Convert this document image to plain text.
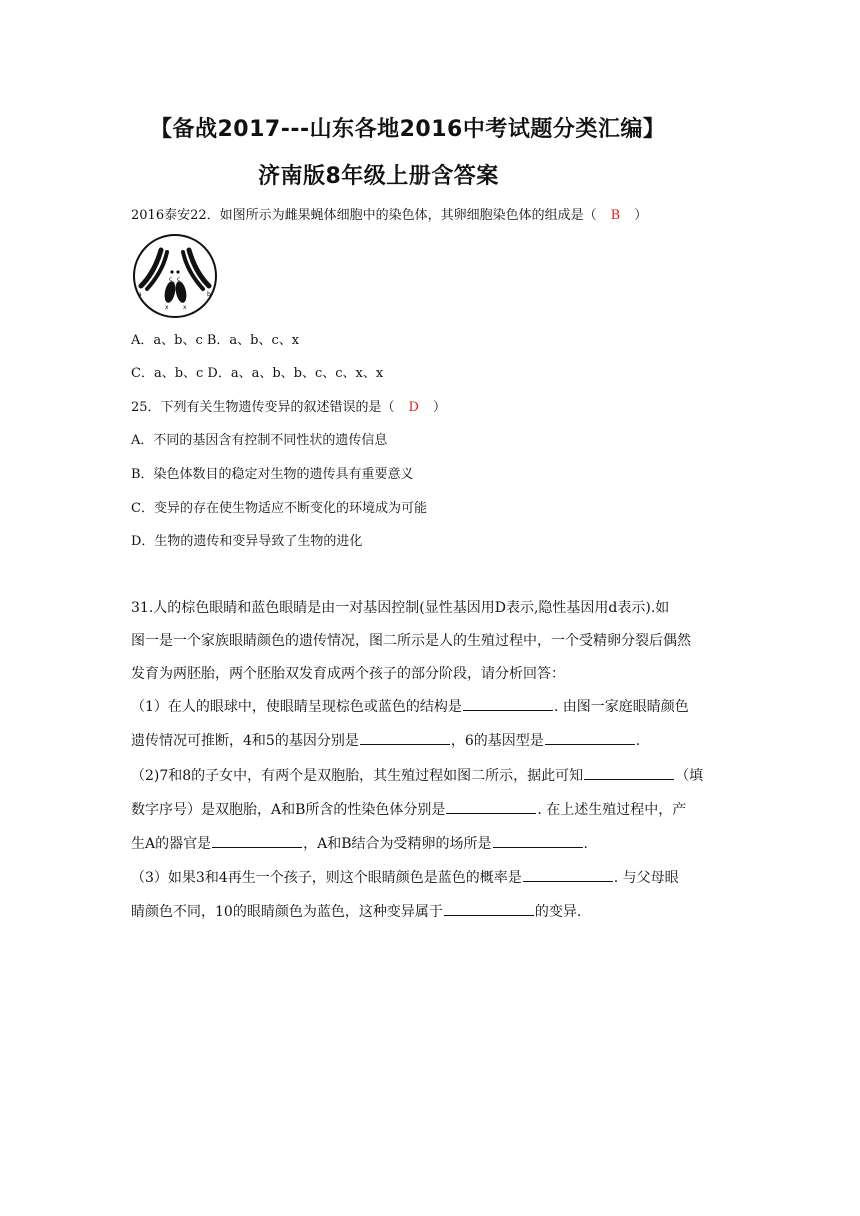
【备战2017---山东各地2016中考试题分类汇编】
济南版8年级上册含答案
2016泰安22．如图所示为雌果蝇体细胞中的染色体，其卵细胞染色体的组成是（ B ）
a	b
c c
x x
A．a、b、c B．a、b、c、x
C．a、b、c D．a、a、b、b、c、c、x、x
25．下列有关生物遗传变异的叙述错误的是（ D ）
A．不同的基因含有控制不同性状的遗传信息
B．染色体数目的稳定对生物的遗传具有重要意义
C．变异的存在使生物适应不断变化的环境成为可能
D．生物的遗传和变异导致了生物的进化
31.人的棕色眼睛和蓝色眼睛是由一对基因控制(显性基因用D表示,隐性基因用d表示).如
图一是一个家族眼睛颜色的遗传情况，图二所示是人的生殖过程中，一个受精卵分裂后偶然
发育为两胚胎，两个胚胎双发育成两个孩子的部分阶段，请分析回答：
（1）在人的眼球中，使眼睛呈现棕色或蓝色的结构是	. 由图一家庭眼睛颜色
遗传情况可推断，4和5的基因分别是	，6的基因型是	.
（2)7和8的子女中，有两个是双胞胎，其生殖过程如图二所示，据此可知	（填
数字序号）是双胞胎，A和B所含的性染色体分别是	. 在上述生殖过程中，产
生A的器官是	，A和B结合为受精卵的场所是	.
（3）如果3和4再生一个孩子，则这个眼睛颜色是蓝色的概率是	. 与父母眼
睛颜色不同，10的眼睛颜色为蓝色，这种变异属于	的变异.
